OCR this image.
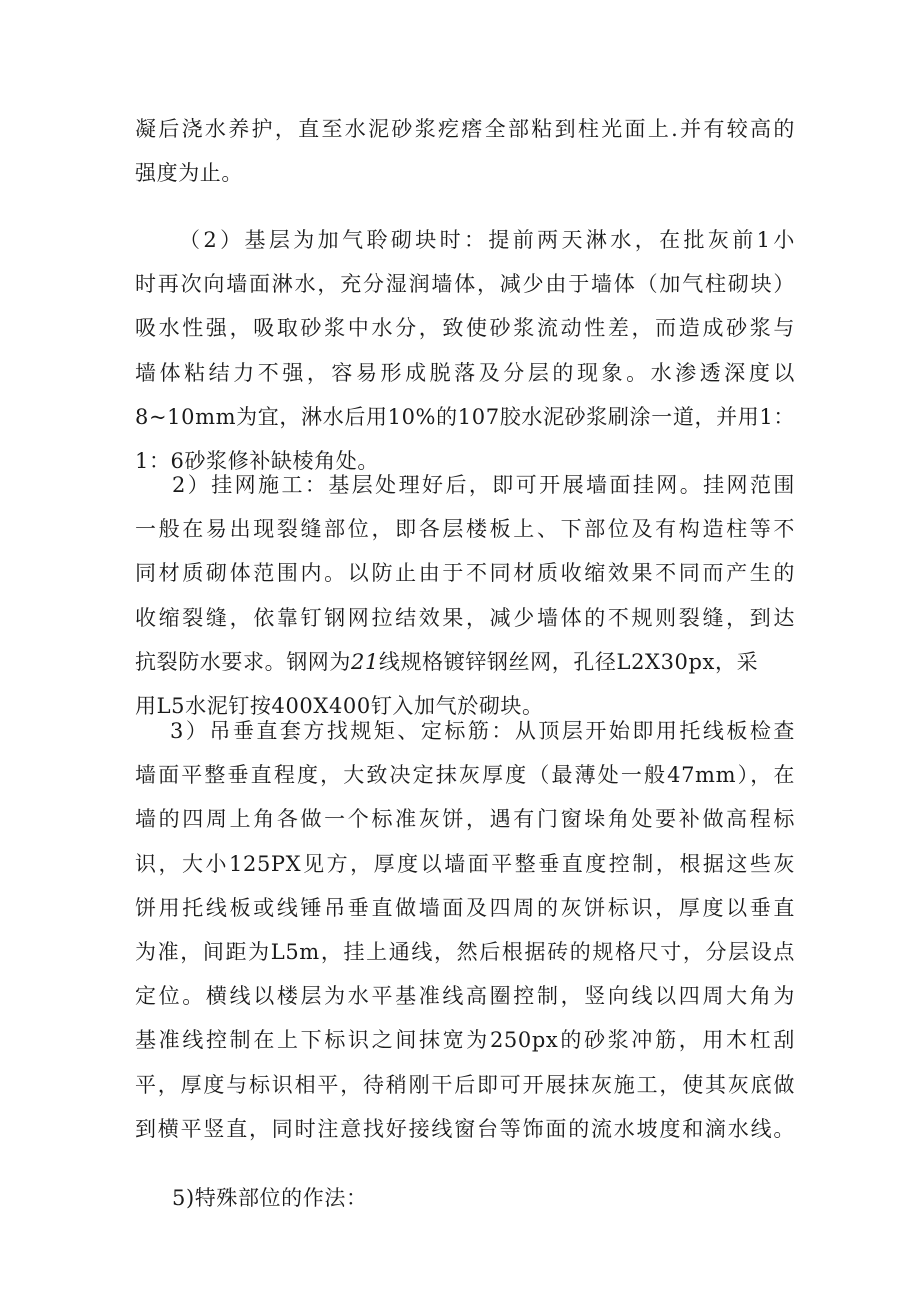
凝后浇水养护，直至水泥砂浆疙瘩全部粘到柱光面上.并有较高的
强度为止。
（2）基层为加气聆砌块时：提前两天淋水，在批灰前1小
时再次向墙面淋水，充分湿润墙体，减少由于墙体（加气柱砌块）
吸水性强，吸取砂浆中水分，致使砂浆流动性差，而造成砂浆与
墙体粘结力不强，容易形成脱落及分层的现象。水渗透深度以
8~10mm为宜，淋水后用10%的107胶水泥砂浆刷涂一道，并用1：
1：6砂浆修补缺棱角处。
2）挂网施工：基层处理好后，即可开展墙面挂网。挂网范围
一般在易出现裂缝部位，即各层楼板上、下部位及有构造柱等不
同材质砌体范围内。以防止由于不同材质收缩效果不同而产生的
收缩裂缝，依靠钉钢网拉结效果，减少墙体的不规则裂缝，到达
抗裂防水要求。钢网为21线规格镀锌钢丝网，孔径L2X30px，采
用L5水泥钉按400X400钉入加气於砌块。
3）吊垂直套方找规矩、定标筋：从顶层开始即用托线板检查
墙面平整垂直程度，大致决定抹灰厚度（最薄处一般47mm），在
墙的四周上角各做一个标准灰饼，遇有门窗垛角处要补做高程标
识，大小125PX见方，厚度以墙面平整垂直度控制，根据这些灰
饼用托线板或线锤吊垂直做墙面及四周的灰饼标识，厚度以垂直
为准，间距为L5m，挂上通线，然后根据砖的规格尺寸，分层设点
定位。横线以楼层为水平基准线高圈控制，竖向线以四周大角为
基准线控制在上下标识之间抹宽为250px的砂浆冲筋，用木杠刮
平，厚度与标识相平，待稍刚干后即可开展抹灰施工，使其灰底做
到横平竖直，同时注意找好接线窗台等饰面的流水坡度和滴水线。
5)特殊部位的作法：
